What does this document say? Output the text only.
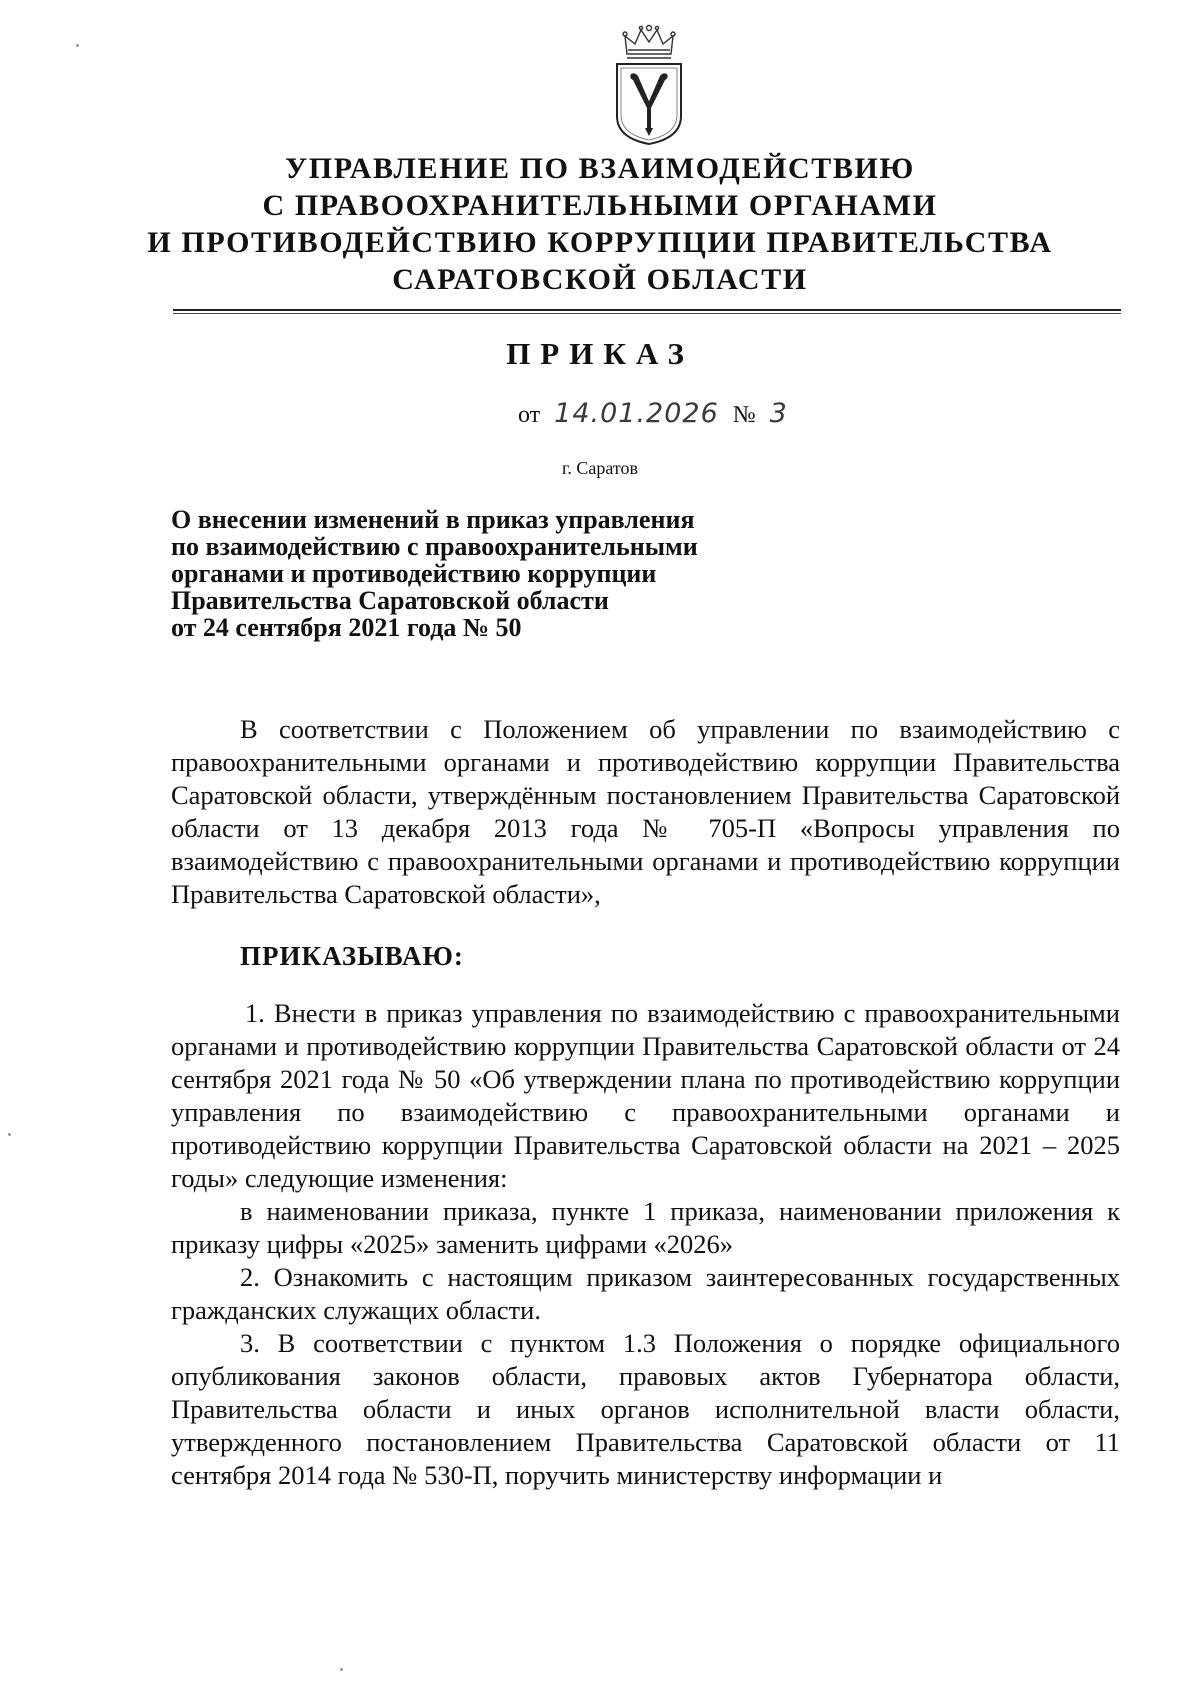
УПРАВЛЕНИЕ ПО ВЗАИМОДЕЙСТВИЮ
С ПРАВООХРАНИТЕЛЬНЫМИ ОРГАНАМИ
И ПРОТИВОДЕЙСТВИЮ КОРРУПЦИИ ПРАВИТЕЛЬСТВА
САРАТОВСКОЙ ОБЛАСТИ
ПРИКАЗ
от 14.01.2026 № 3
г. Саратов
О внесении изменений в приказ управления
по взаимодействию с правоохранительными
органами и противодействию коррупции
Правительства Саратовской области
от 24 сентября 2021 года № 50

В соответствии с Положением об управлении по взаимодействию с правоохранительными органами и противодействию коррупции Правительства Саратовской области, утверждённым постановлением Правительства Саратовской области от 13 декабря 2013 года № 705-П «Вопросы управления по взаимодействию с правоохранительными органами и противодействию коррупции Правительства Саратовской области»,

ПРИКАЗЫВАЮ:

1. Внести в приказ управления по взаимодействию с правоохранительными органами и противодействию коррупции Правительства Саратовской области от 24 сентября 2021 года № 50 «Об утверждении плана по противодействию коррупции управления по взаимодействию с правоохранительными органами и противодействию коррупции Правительства Саратовской области на 2021 – 2025 годы» следующие изменения:

в наименовании приказа, пункте 1 приказа, наименовании приложения к приказу цифры «2025» заменить цифрами «2026»

2. Ознакомить с настоящим приказом заинтересованных государственных гражданских служащих области.

3. В соответствии с пунктом 1.3 Положения о порядке официального опубликования законов области, правовых актов Губернатора области, Правительства области и иных органов исполнительной власти области, утвержденного постановлением Правительства Саратовской области от 11 сентября 2014 года № 530-П, поручить министерству информации и
